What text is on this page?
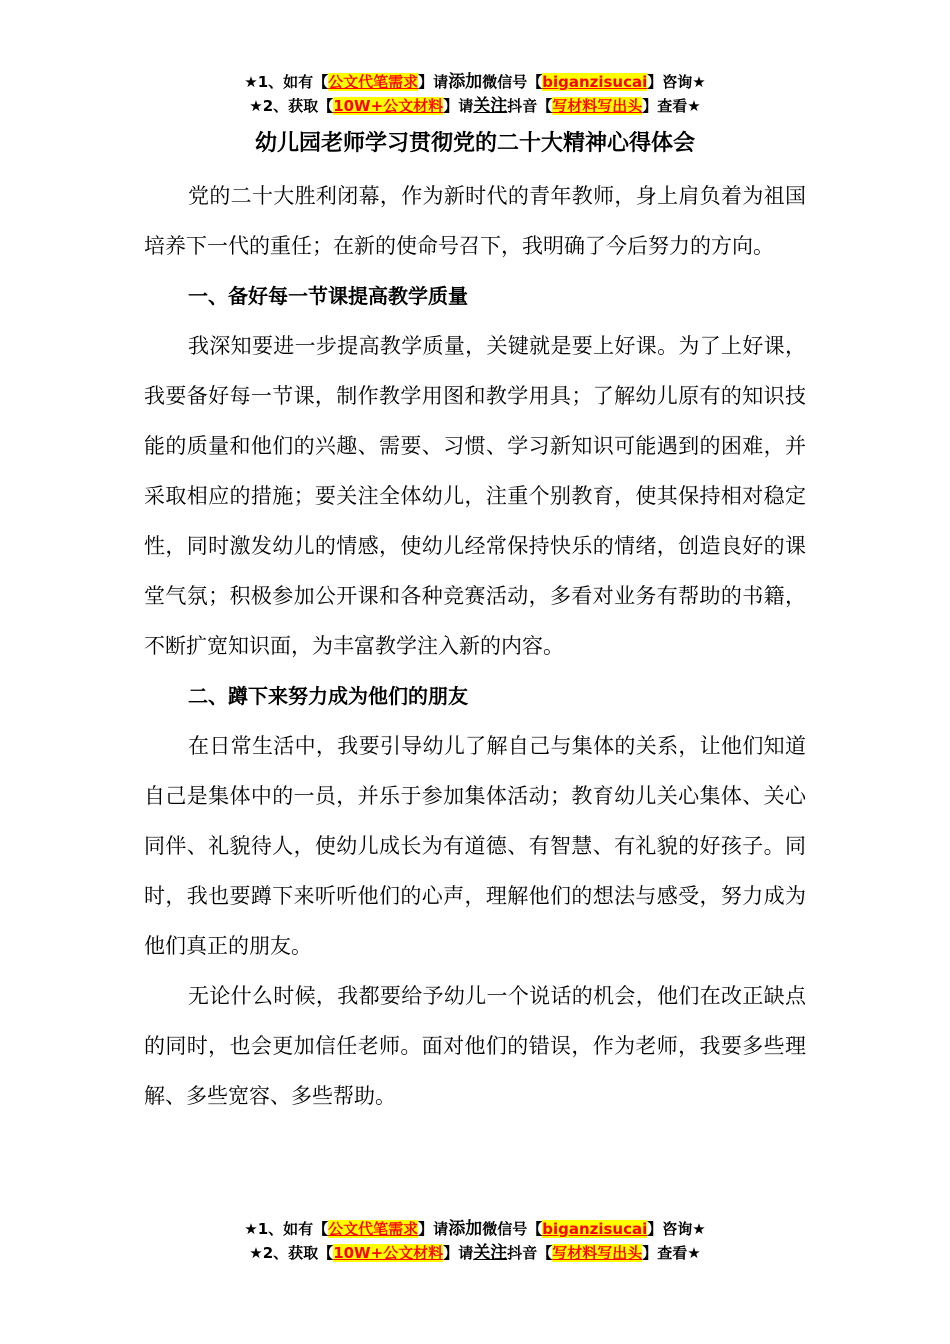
★1、如有【公文代笔需求】请添加微信号【biganzisucai】咨询★
★2、获取【10W+公文材料】请关注抖音【写材料写出头】查看★
幼儿园老师学习贯彻党的二十大精神心得体会

党的二十大胜利闭幕，作为新时代的青年教师，身上肩负着为祖国培养下一代的重任；在新的使命号召下，我明确了今后努力的方向。

一、备好每一节课提高教学质量

我深知要进一步提高教学质量，关键就是要上好课。为了上好课，我要备好每一节课，制作教学用图和教学用具；了解幼儿原有的知识技能的质量和他们的兴趣、需要、习惯、学习新知识可能遇到的困难，并采取相应的措施；要关注全体幼儿，注重个别教育，使其保持相对稳定性，同时激发幼儿的情感，使幼儿经常保持快乐的情绪，创造良好的课堂气氛；积极参加公开课和各种竞赛活动，多看对业务有帮助的书籍，不断扩宽知识面，为丰富教学注入新的内容。

二、蹲下来努力成为他们的朋友

在日常生活中，我要引导幼儿了解自己与集体的关系，让他们知道自己是集体中的一员，并乐于参加集体活动；教育幼儿关心集体、关心同伴、礼貌待人，使幼儿成长为有道德、有智慧、有礼貌的好孩子。同时，我也要蹲下来听听他们的心声，理解他们的想法与感受，努力成为他们真正的朋友。

无论什么时候，我都要给予幼儿一个说话的机会，他们在改正缺点的同时，也会更加信任老师。面对他们的错误，作为老师，我要多些理解、多些宽容、多些帮助。

★1、如有【公文代笔需求】请添加微信号【biganzisucai】咨询★
★2、获取【10W+公文材料】请关注抖音【写材料写出头】查看★
